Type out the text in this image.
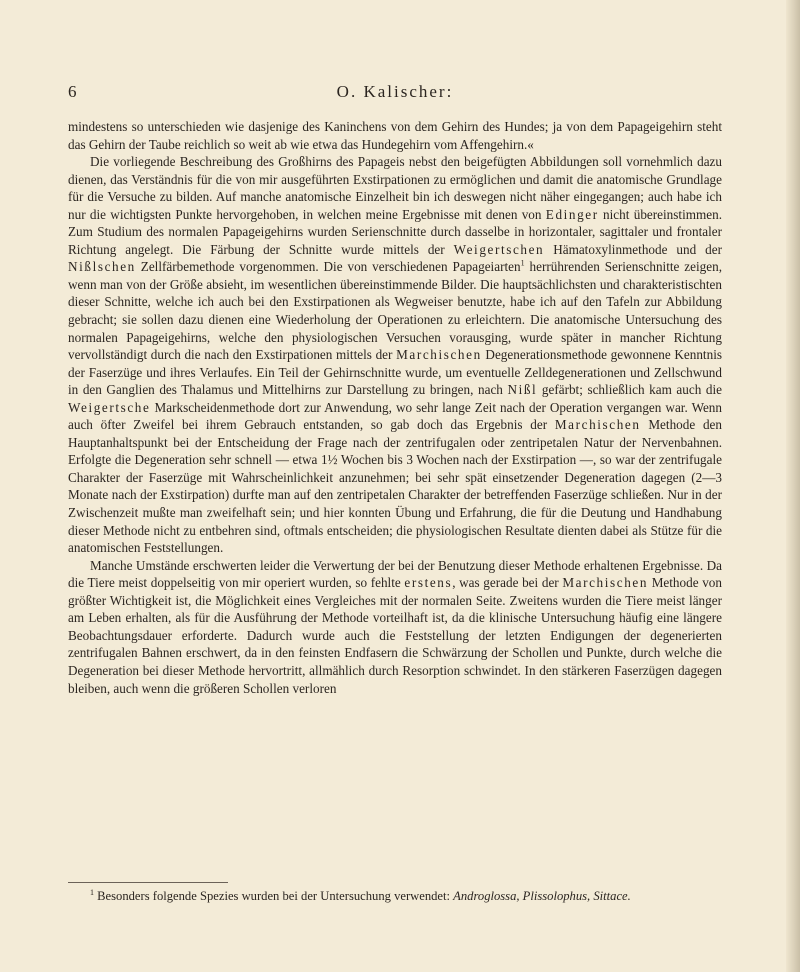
6	O. Kalischer:

mindestens so unterschieden wie dasjenige des Kaninchens von dem Gehirn des Hundes; ja von dem Papageigehirn steht das Gehirn der Taube reichlich so weit ab wie etwa das Hundegehirn vom Affengehirn.«

Die vorliegende Beschreibung des Großhirns des Papageis nebst den beigefügten Abbildungen soll vornehmlich dazu dienen, das Verständnis für die von mir ausgeführten Exstirpationen zu ermöglichen und damit die anatomische Grundlage für die Versuche zu bilden. Auf manche anatomische Einzelheit bin ich deswegen nicht näher eingegangen; auch habe ich nur die wichtigsten Punkte hervorgehoben, in welchen meine Ergebnisse mit denen von Edinger nicht übereinstimmen. Zum Studium des normalen Papageigehirns wurden Serienschnitte durch dasselbe in horizontaler, sagittaler und frontaler Richtung angelegt. Die Färbung der Schnitte wurde mittels der Weigertschen Hämatoxylinmethode und der Nißlschen Zellfärbemethode vorgenommen. Die von verschiedenen Papageiarten$^1$ herrührenden Serienschnitte zeigen, wenn man von der Größe absieht, im wesentlichen übereinstimmende Bilder. Die hauptsächlichsten und charakteristischten dieser Schnitte, welche ich auch bei den Exstirpationen als Wegweiser benutzte, habe ich auf den Tafeln zur Abbildung gebracht; sie sollen dazu dienen eine Wiederholung der Operationen zu erleichtern. Die anatomische Untersuchung des normalen Papageigehirns, welche den physiologischen Versuchen vorausging, wurde später in mancher Richtung vervollständigt durch die nach den Exstirpationen mittels der Marchischen Degenerationsmethode gewonnene Kenntnis der Faserzüge und ihres Verlaufes. Ein Teil der Gehirnschnitte wurde, um eventuelle Zelldegenerationen und Zellschwund in den Ganglien des Thalamus und Mittelhirns zur Darstellung zu bringen, nach Nißl gefärbt; schließlich kam auch die Weigertsche Markscheidenmethode dort zur Anwendung, wo sehr lange Zeit nach der Operation vergangen war. Wenn auch öfter Zweifel bei ihrem Gebrauch entstanden, so gab doch das Ergebnis der Marchischen Methode den Hauptanhaltspunkt bei der Entscheidung der Frage nach der zentrifugalen oder zentripetalen Natur der Nervenbahnen. Erfolgte die Degeneration sehr schnell — etwa 1½ Wochen bis 3 Wochen nach der Exstirpation —, so war der zentrifugale Charakter der Faserzüge mit Wahrscheinlichkeit anzunehmen; bei sehr spät einsetzender Degeneration dagegen (2—3 Monate nach der Exstirpation) durfte man auf den zentripetalen Charakter der betreffenden Faserzüge schließen. Nur in der Zwischenzeit mußte man zweifelhaft sein; und hier konnten Übung und Erfahrung, die für die Deutung und Handhabung dieser Methode nicht zu entbehren sind, oftmals entscheiden; die physiologischen Resultate dienten dabei als Stütze für die anatomischen Feststellungen.

Manche Umstände erschwerten leider die Verwertung der bei der Benutzung dieser Methode erhaltenen Ergebnisse. Da die Tiere meist doppelseitig von mir operiert wurden, so fehlte erstens, was gerade bei der Marchischen Methode von größter Wichtigkeit ist, die Möglichkeit eines Vergleiches mit der normalen Seite. Zweitens wurden die Tiere meist länger am Leben erhalten, als für die Ausführung der Methode vorteilhaft ist, da die klinische Untersuchung häufig eine längere Beobachtungsdauer erforderte. Dadurch wurde auch die Feststellung der letzten Endigungen der degenerierten zentrifugalen Bahnen erschwert, da in den feinsten Endfasern die Schwärzung der Schollen und Punkte, durch welche die Degeneration bei dieser Methode hervortritt, allmählich durch Resorption schwindet. In den stärkeren Faserzügen dagegen bleiben, auch wenn die größeren Schollen verloren

$^1$ Besonders folgende Spezies wurden bei der Untersuchung verwendet: Androglossa, Plissolophus, Sittace.
